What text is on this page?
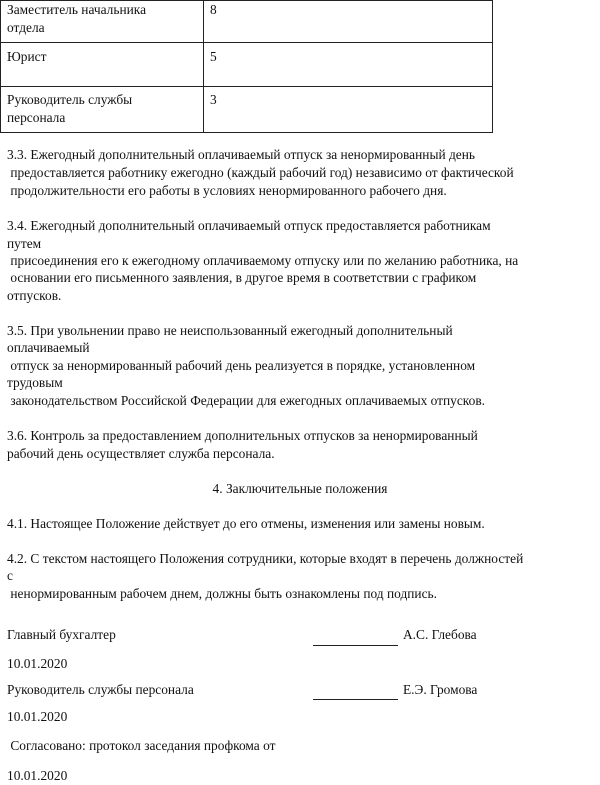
Заместитель начальника
отдела	8
Юрист	5
Руководитель службы
персонала	3
3.3. Ежегодный дополнительный оплачиваемый отпуск за ненормированный день
предоставляется работнику ежегодно (каждый рабочий год) независимо от фактической
продолжительности его работы в условиях ненормированного рабочего дня.
3.4. Ежегодный дополнительный оплачиваемый отпуск предоставляется работникам
путем
присоединения его к ежегодному оплачиваемому отпуску или по желанию работника, на
основании его письменного заявления, в другое время в соответствии с графиком
отпусков.
3.5. При увольнении право не неиспользованный ежегодный дополнительный
оплачиваемый
отпуск за ненормированный рабочий день реализуется в порядке, установленном
трудовым
законодательством Российской Федерации для ежегодных оплачиваемых отпусков.
3.6. Контроль за предоставлением дополнительных отпусков за ненормированный
рабочий день осуществляет служба персонала.
4. Заключительные положения
4.1. Настоящее Положение действует до его отмены, изменения или замены новым.
4.2. С текстом настоящего Положения сотрудники, которые входят в перечень должностей
с
ненормированным рабочем днем, должны быть ознакомлены под подпись.
Главный бухгалтер	А.С. Глебова
10.01.2020
Руководитель службы персонала	Е.Э. Громова
10.01.2020
Согласовано: протокол заседания профкома от
10.01.2020
